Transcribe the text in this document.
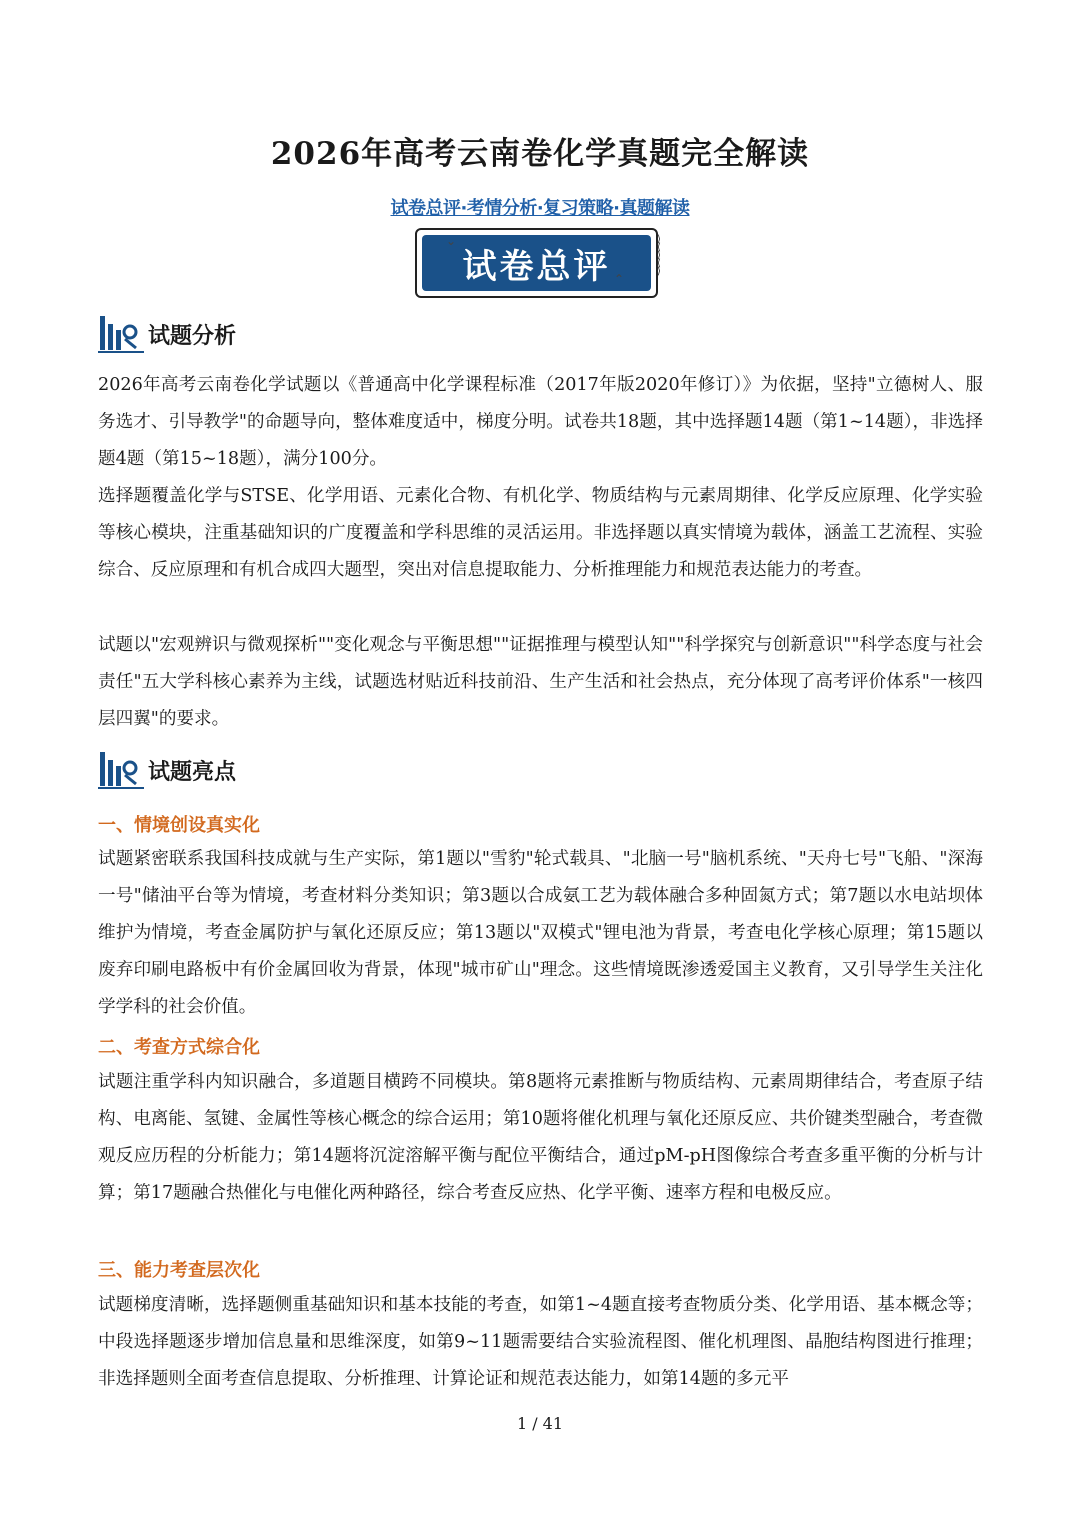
2026年高考云南卷化学真题完全解读
试卷总评·考情分析·复习策略·真题解读
试卷总评
⌄
⌃
⟩
⟨
⟩
⟨
⟩
试题分析
2026年高考云南卷化学试题以《普通高中化学课程标准（2017年版2020年修订）》为依据，坚持"立德树人、服务选才、引导教学"的命题导向，整体难度适中，梯度分明。试卷共18题，其中选择题14题（第1~14题），非选择题4题（第15~18题），满分100分。
选择题覆盖化学与STSE、化学用语、元素化合物、有机化学、物质结构与元素周期律、化学反应原理、化学实验等核心模块，注重基础知识的广度覆盖和学科思维的灵活运用。非选择题以真实情境为载体，涵盖工艺流程、实验综合、反应原理和有机合成四大题型，突出对信息提取能力、分析推理能力和规范表达能力的考查。
试题以"宏观辨识与微观探析""变化观念与平衡思想""证据推理与模型认知""科学探究与创新意识""科学态度与社会责任"五大学科核心素养为主线，试题选材贴近科技前沿、生产生活和社会热点，充分体现了高考评价体系"一核四层四翼"的要求。
试题亮点
一、情境创设真实化
试题紧密联系我国科技成就与生产实际，第1题以"雪豹"轮式载具、"北脑一号"脑机系统、"天舟七号"飞船、"深海一号"储油平台等为情境，考查材料分类知识；第3题以合成氨工艺为载体融合多种固氮方式；第7题以水电站坝体维护为情境，考查金属防护与氧化还原反应；第13题以"双模式"锂电池为背景，考查电化学核心原理；第15题以废弃印刷电路板中有价金属回收为背景，体现"城市矿山"理念。这些情境既渗透爱国主义教育，又引导学生关注化学学科的社会价值。
二、考查方式综合化
试题注重学科内知识融合，多道题目横跨不同模块。第8题将元素推断与物质结构、元素周期律结合，考查原子结构、电离能、氢键、金属性等核心概念的综合运用；第10题将催化机理与氧化还原反应、共价键类型融合，考查微观反应历程的分析能力；第14题将沉淀溶解平衡与配位平衡结合，通过pM-pH图像综合考查多重平衡的分析与计算；第17题融合热催化与电催化两种路径，综合考查反应热、化学平衡、速率方程和电极反应。
三、能力考查层次化
试题梯度清晰，选择题侧重基础知识和基本技能的考查，如第1~4题直接考查物质分类、化学用语、基本概念等；中段选择题逐步增加信息量和思维深度，如第9~11题需要结合实验流程图、催化机理图、晶胞结构图进行推理；非选择题则全面考查信息提取、分析推理、计算论证和规范表达能力，如第14题的多元平
1 / 41
